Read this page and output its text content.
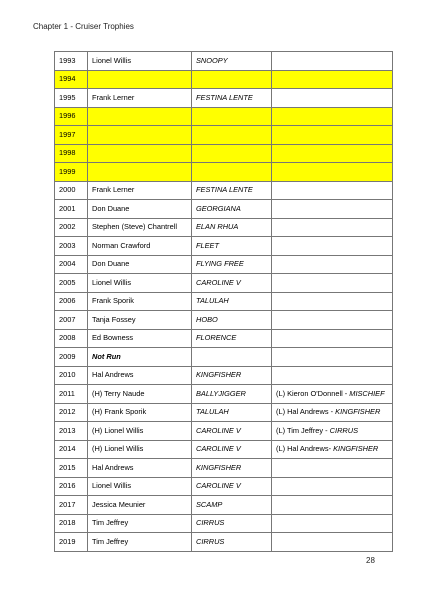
Chapter 1 - Cruiser Trophies
1993	Lionel Willis	SNOOPY	
1994			
1995	Frank Lerner	FESTINA LENTE	
1996			
1997			
1998			
1999			
2000	Frank Lerner	FESTINA LENTE	
2001	Don Duane	GEORGIANA	
2002	Stephen (Steve) Chantrell	ELAN RHUA	
2003	Norman Crawford	FLEET	
2004	Don Duane	FLYING FREE	
2005	Lionel Willis	CAROLINE V	
2006	Frank Sporik	TALULAH	
2007	Tanja Fossey	HOBO	
2008	Ed Bowness	FLORENCE	
2009	Not Run		
2010	Hal Andrews	KINGFISHER	
2011	(H) Terry Naude	BALLYJIGGER	(L) Kieron O'Donnell - MISCHIEF
2012	(H) Frank Sporik	TALULAH	(L) Hal Andrews - KINGFISHER
2013	(H) Lionel Willis	CAROLINE V	(L) Tim Jeffrey - CIRRUS
2014	(H) Lionel Willis	CAROLINE V	(L) Hal Andrews- KINGFISHER
2015	Hal Andrews	KINGFISHER	
2016	Lionel Willis	CAROLINE V	
2017	Jessica Meunier	SCAMP	
2018	Tim Jeffrey	CIRRUS	
2019	Tim Jeffrey	CIRRUS	
28
